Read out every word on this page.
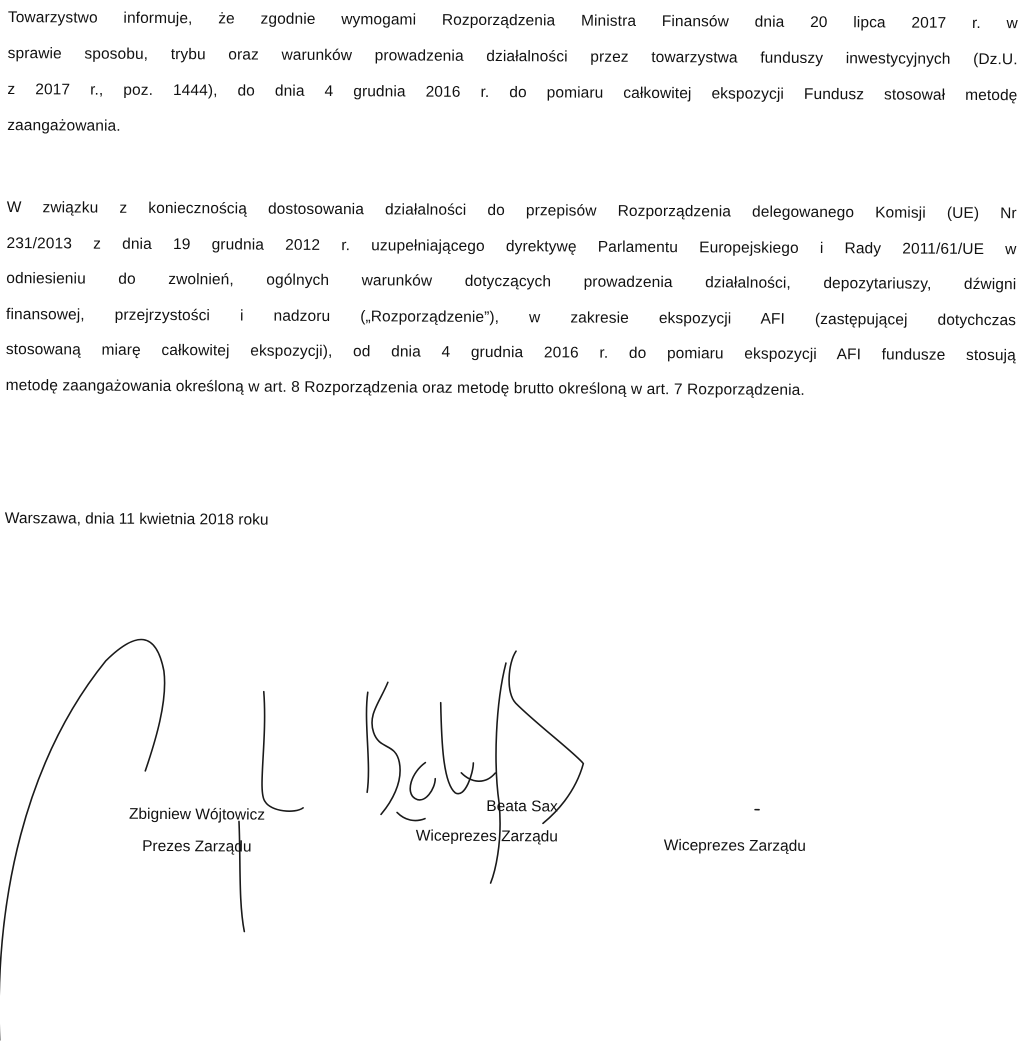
Towarzystwo informuje, że zgodnie wymogami Rozporządzenia Ministra Finansów dnia 20 lipca 2017 r. w
sprawie sposobu, trybu oraz warunków prowadzenia działalności przez towarzystwa funduszy inwestycyjnych (Dz.U.
z 2017 r., poz. 1444), do dnia 4 grudnia 2016 r. do pomiaru całkowitej ekspozycji Fundusz stosował metodę
zaangażowania.
W związku z koniecznością dostosowania działalności do przepisów Rozporządzenia delegowanego Komisji (UE) Nr
231/2013 z dnia 19 grudnia 2012 r. uzupełniającego dyrektywę Parlamentu Europejskiego i Rady 2011/61/UE w
odniesieniu do zwolnień, ogólnych warunków dotyczących prowadzenia działalności, depozytariuszy, dźwigni
finansowej, przejrzystości i nadzoru („Rozporządzenie”), w zakresie ekspozycji AFI (zastępującej dotychczas
stosowaną miarę całkowitej ekspozycji), od dnia 4 grudnia 2016 r. do pomiaru ekspozycji AFI fundusze stosują
metodę zaangażowania określoną w art. 8 Rozporządzenia oraz metodę brutto określoną w art. 7 Rozporządzenia.
Warszawa, dnia 11 kwietnia 2018 roku
Zbigniew Wójtowicz
Prezes Zarządu
Beata Sax
Wiceprezes Zarządu
Wiceprezes Zarządu
